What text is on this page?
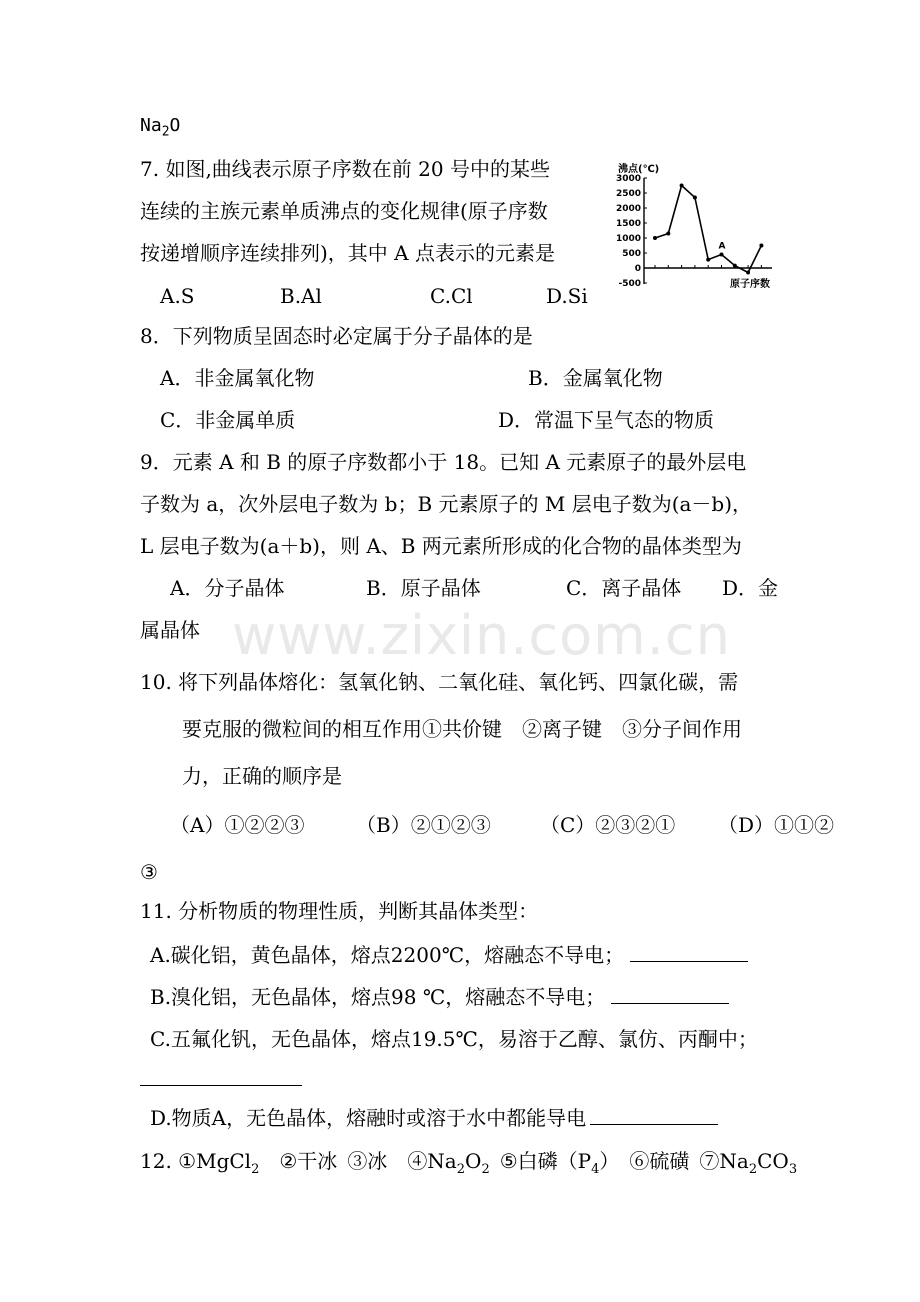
www.zixin.com.cn
$Na_2O$
7. 如图,曲线表示原子序数在前 20 号中的某些
连续的主族元素单质沸点的变化规律(原子序数
按递增顺序连续排列)，其中 A 点表示的元素是
A.S	B.Al	C.Cl	D.Si
沸点(℃)
3000
2500
2000
1500
1000
500
0
-500
A
原子序数
8．下列物质呈固态时必定属于分子晶体的是
A．非金属氧化物	B．金属氧化物
C．非金属单质	D．常温下呈气态的物质
9．元素 A 和 B 的原子序数都小于 18。已知 A 元素原子的最外层电
子数为 a，次外层电子数为 b；B 元素原子的 M 层电子数为(a－b)，
L 层电子数为(a＋b)，则 A、B 两元素所形成的化合物的晶体类型为
A．分子晶体	B．原子晶体	C．离子晶体 D．金
属晶体
10. 将下列晶体熔化：氢氧化钠、二氧化硅、氧化钙、四氯化碳，需
要克服的微粒间的相互作用①共价键　②离子键　③分子间作用
力，正确的顺序是
（A）①②②③	（B）②①②③ （C）②③②① （D）①①②
③
11. 分析物质的物理性质，判断其晶体类型：
A.碳化铝，黄色晶体，熔点2200℃，熔融态不导电；
B.溴化铝，无色晶体，熔点98 ℃，熔融态不导电；
C.五氟化钒，无色晶体，熔点19.5℃，易溶于乙醇、氯仿、丙酮中；
D.物质A，无色晶体，熔融时或溶于水中都能导电
12. ①MgCl$_2$  ②干冰  ③冰  $④Na_2O_2$  ⑤白磷$(P_4)$  ⑥硫磺  $⑦Na_2CO_3$
